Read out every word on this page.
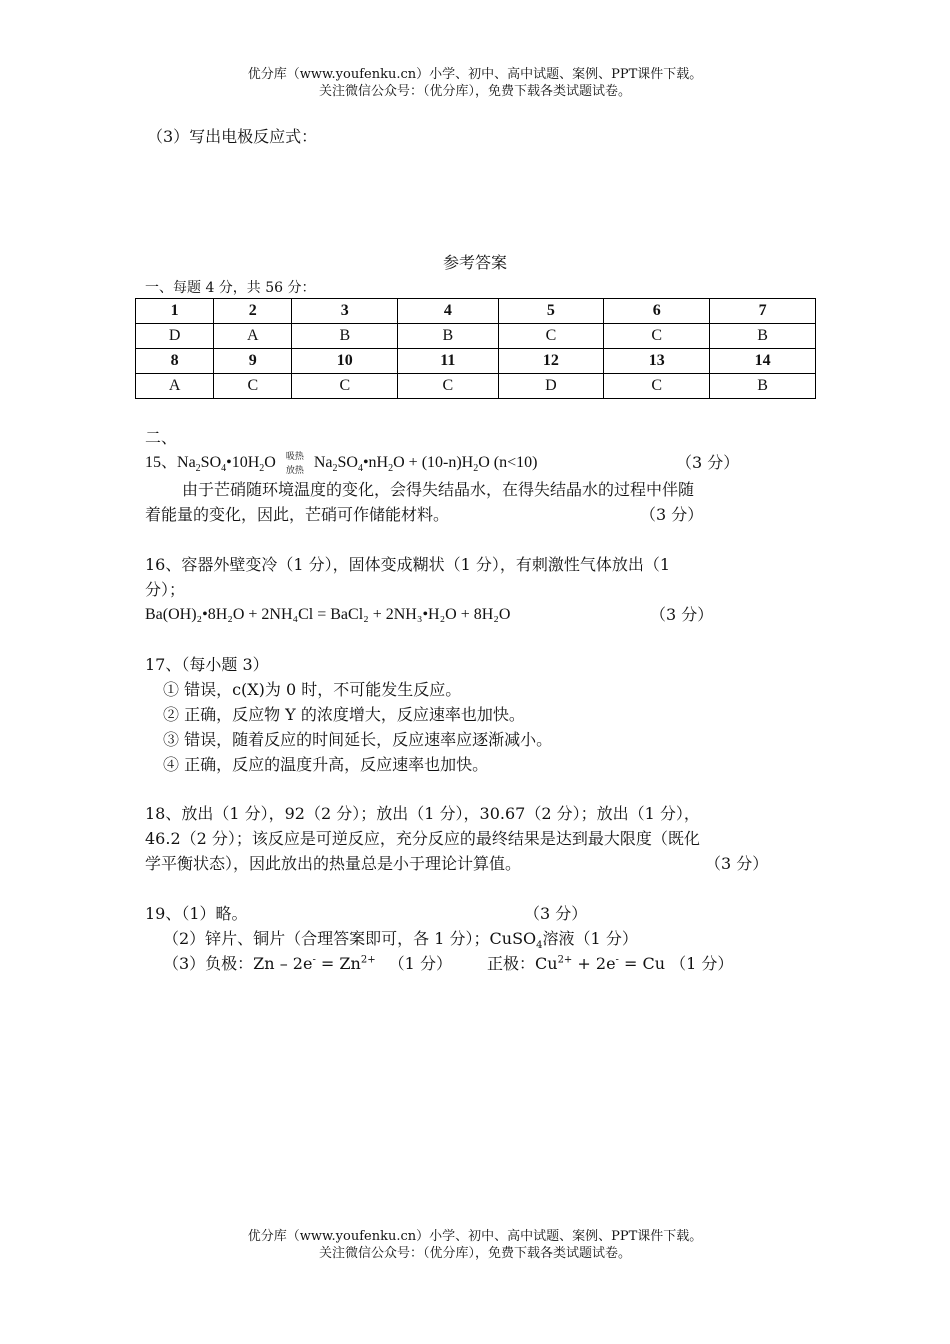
优分库（www.youfenku.cn）小学、初中、高中试题、案例、PPT课件下载。
关注微信公众号：（优分库），免费下载各类试题试卷。
（3）写出电极反应式：
参考答案
一、每题 4 分，共 56 分：
1	2	3	4	5	6	7
D	A	B	B	C	C	B
8	9	10	11	12	13	14
A	C	C	C	D	C	B
二、
15、$Na_2SO_4•10H_2O$ 吸热
放热 $Na_2SO_4•nH_2O + (10-n)H_2O$ (n<10)	（3 分）
由于芒硝随环境温度的变化，会得失结晶水，在得失结晶水的过程中伴随
着能量的变化，因此，芒硝可作储能材料。	（3 分）
16、容器外壁变冷（1 分），固体变成糊状（1 分），有刺激性气体放出（1
分）；
Ba(OH)₂•8H₂O + 2NH₄Cl = BaCl₂ + 2NH₃•H₂O + 8H₂O	（3 分）
17、（每小题 3）
① 错误，c(X)为 0 时，不可能发生反应。
② 正确，反应物 Y 的浓度增大，反应速率也加快。
③ 错误，随着反应的时间延长，反应速率应逐渐减小。
④ 正确，反应的温度升高，反应速率也加快。
18、放出（1 分），92（2 分）；放出（1 分），30.67（2 分）；放出（1 分），
46.2（2 分）；该反应是可逆反应，充分反应的最终结果是达到最大限度（既化
学平衡状态），因此放出的热量总是小于理论计算值。	（3 分）
19、（1）略。	（3 分）
（2）锌片、铜片（合理答案即可，各 1 分）；CuSO$_4$溶液（1 分）
（3）负极：$Zn - 2e^- = Zn^{2+}$ （1 分） 正极：$Cu^{2+} + 2e^- = Cu$ （1 分）
优分库（www.youfenku.cn）小学、初中、高中试题、案例、PPT课件下载。
关注微信公众号：（优分库），免费下载各类试题试卷。
